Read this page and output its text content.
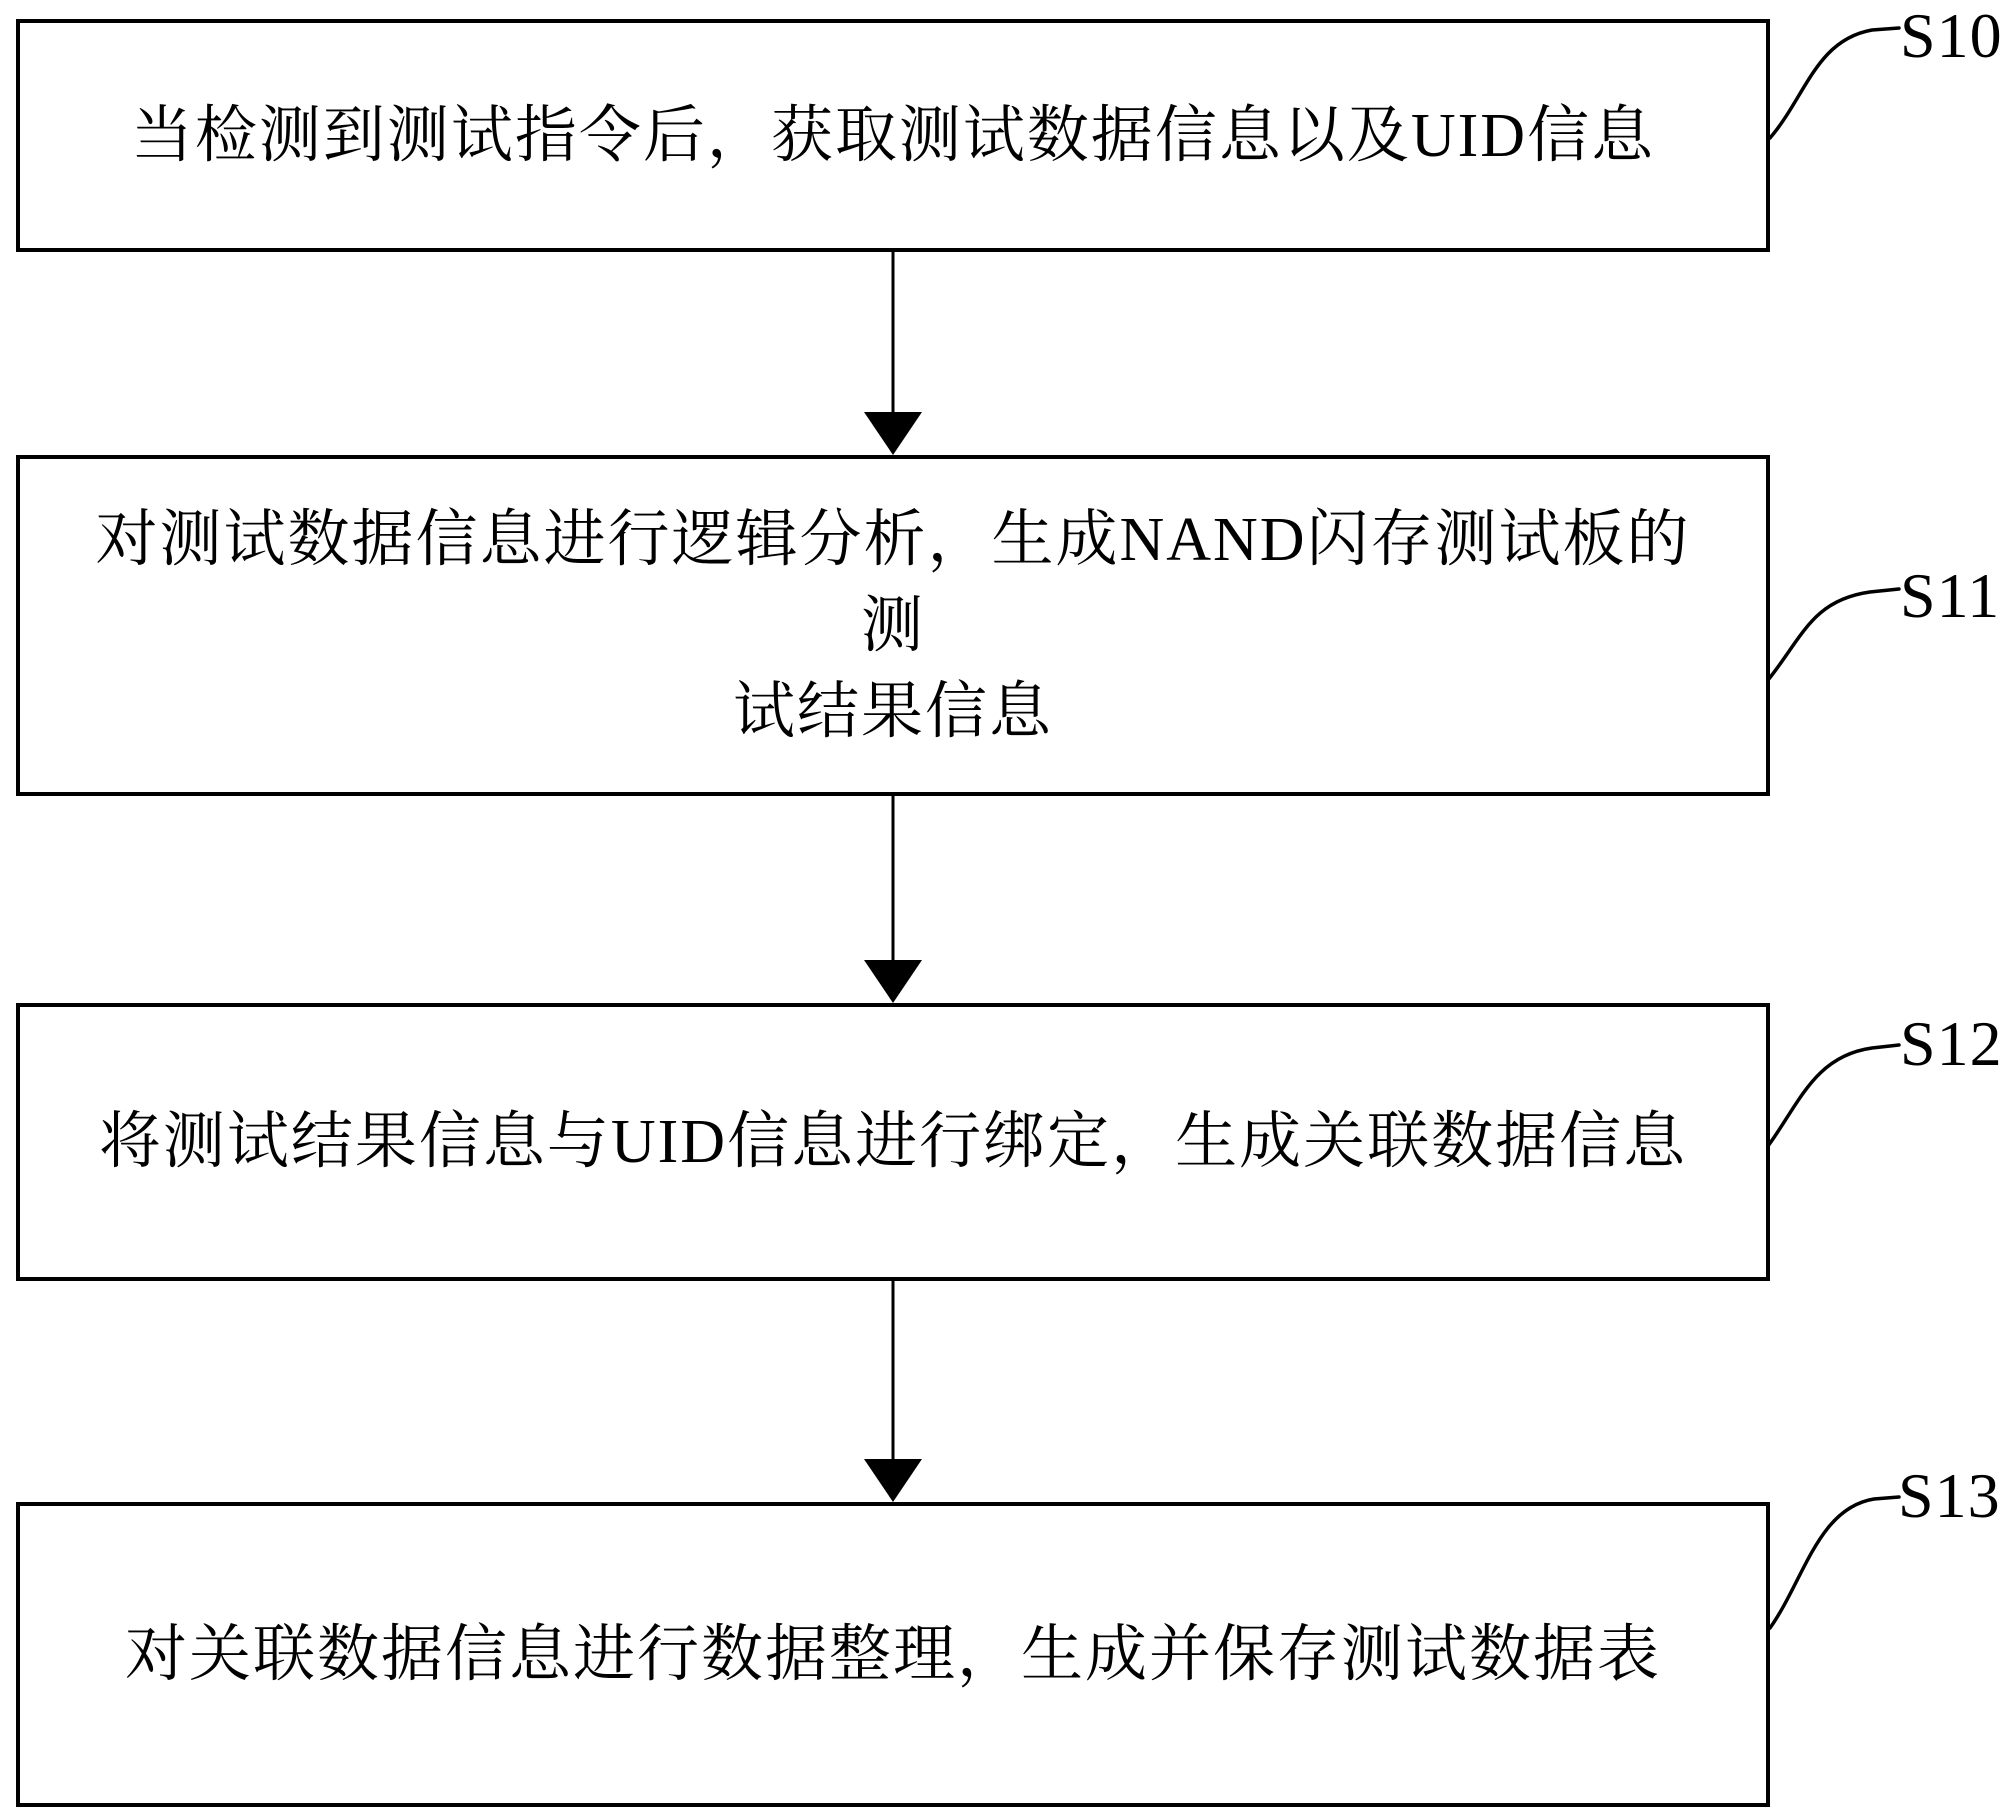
当检测到测试指令后，获取测试数据信息以及UID信息
对测试数据信息进行逻辑分析，生成NAND闪存测试板的测
试结果信息
将测试结果信息与UID信息进行绑定，生成关联数据信息
对关联数据信息进行数据整理，生成并保存测试数据表
S10
S11
S12
S13
